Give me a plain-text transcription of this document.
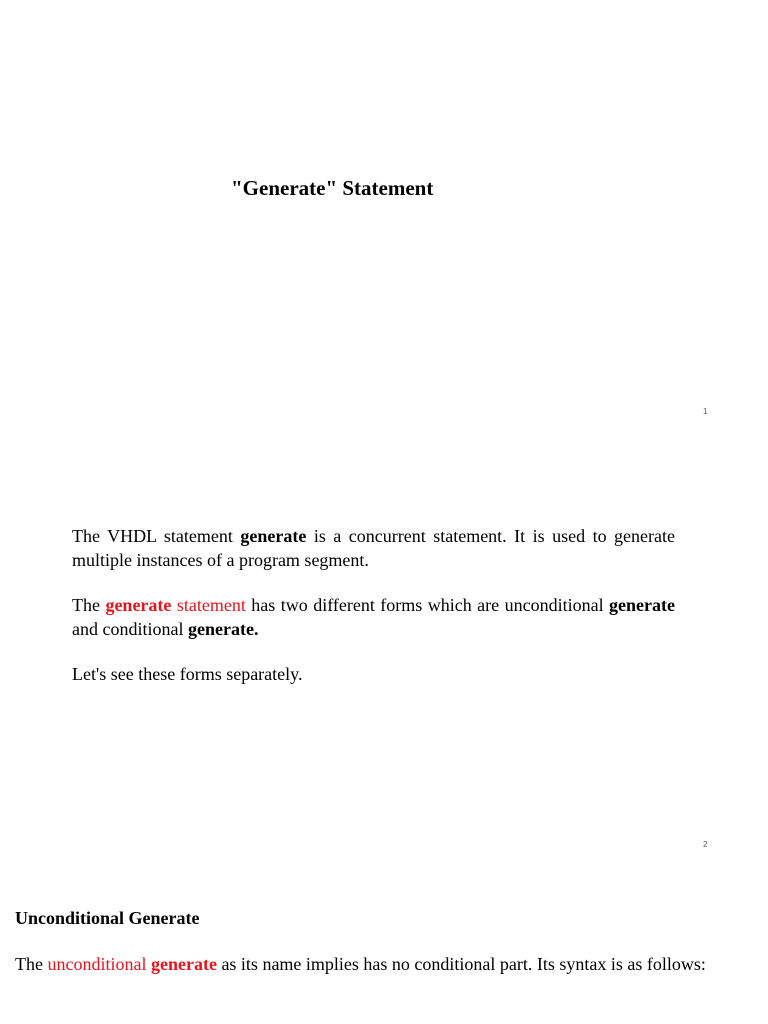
"Generate" Statement
1

The VHDL statement generate is a concurrent statement. It is used to generate multiple instances of a program segment.

The generate statement has two different forms which are unconditional generate and conditional generate.

Let's see these forms separately.

2
Unconditional Generate

The unconditional generate as its name implies has no conditional part. Its syntax is as follows:
